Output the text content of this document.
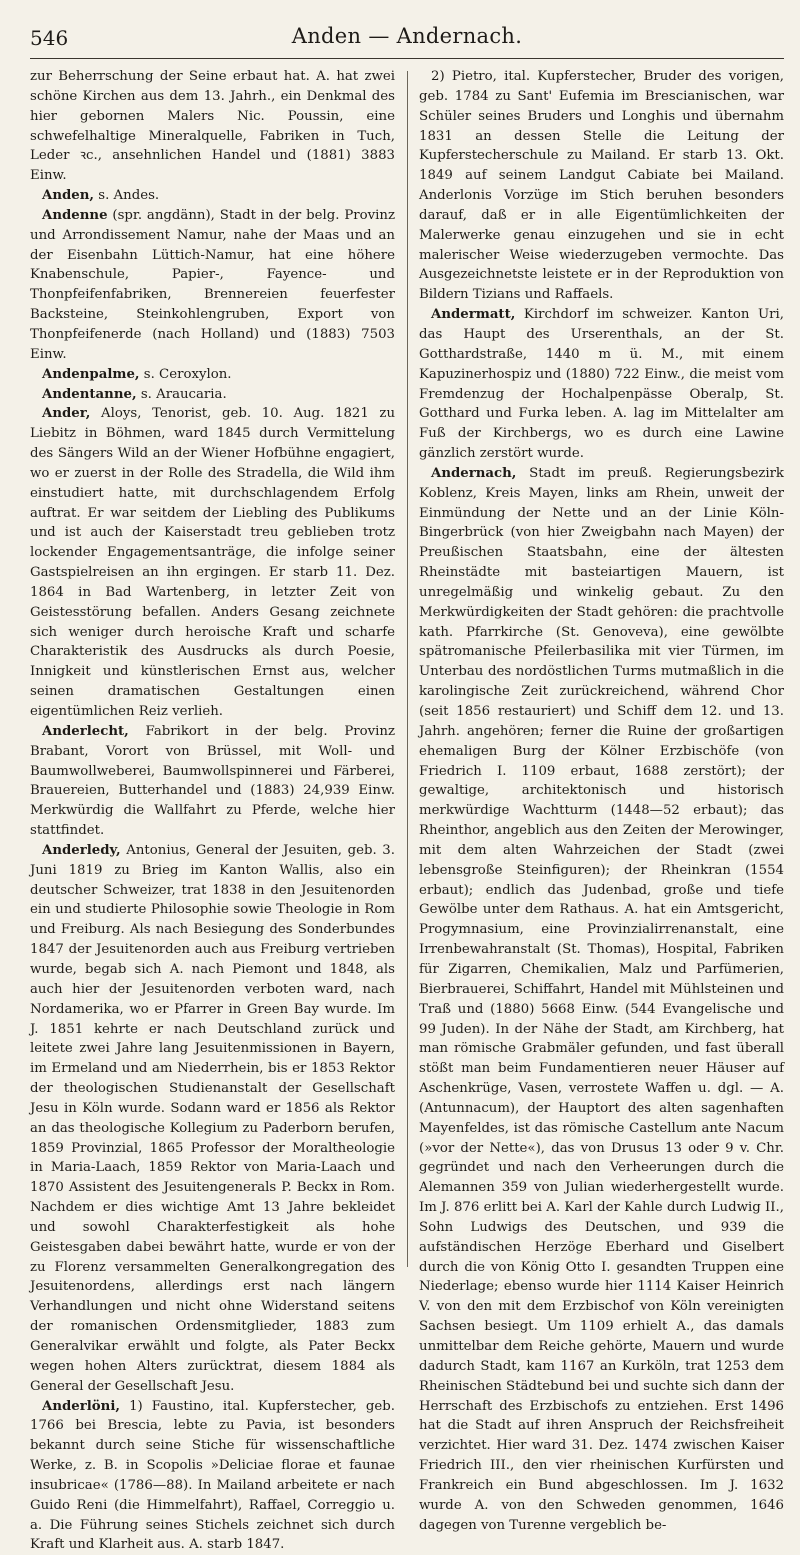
546	Anden — Andernach.

zur Beherrschung der Seine erbaut hat. A. hat zwei schöne Kirchen aus dem 13. Jahrh., ein Denkmal des hier gebornen Malers Nic. Poussin, eine schwefelhaltige Mineralquelle, Fabriken in Tuch, Leder ꝛc., ansehnlichen Handel und (1881) 3883 Einw.

Anden, s. Andes.

Andenne (spr. angdänn), Stadt in der belg. Provinz und Arrondissement Namur, nahe der Maas und an der Eisenbahn Lüttich-Namur, hat eine höhere Knabenschule, Papier-, Fayence- und Thonpfeifenfabriken, Brennereien feuerfester Backsteine, Steinkohlengruben, Export von Thonpfeifenerde (nach Holland) und (1883) 7503 Einw.

Andenpalme, s. Ceroxylon.

Andentanne, s. Araucaria.

Ander, Aloys, Tenorist, geb. 10. Aug. 1821 zu Liebitz in Böhmen, ward 1845 durch Vermittelung des Sängers Wild an der Wiener Hofbühne engagiert, wo er zuerst in der Rolle des Stradella, die Wild ihm einstudiert hatte, mit durchschlagendem Erfolg auftrat. Er war seitdem der Liebling des Publikums und ist auch der Kaiserstadt treu geblieben trotz lockender Engagementsanträge, die infolge seiner Gastspielreisen an ihn ergingen. Er starb 11. Dez. 1864 in Bad Wartenberg, in letzter Zeit von Geistesstörung befallen. Anders Gesang zeichnete sich weniger durch heroische Kraft und scharfe Charakteristik des Ausdrucks als durch Poesie, Innigkeit und künstlerischen Ernst aus, welcher seinen dramatischen Gestaltungen einen eigentümlichen Reiz verlieh.

Anderlecht, Fabrikort in der belg. Provinz Brabant, Vorort von Brüssel, mit Woll- und Baumwollweberei, Baumwollspinnerei und Färberei, Brauereien, Butterhandel und (1883) 24,939 Einw. Merkwürdig die Wallfahrt zu Pferde, welche hier stattfindet.

Anderledy, Antonius, General der Jesuiten, geb. 3. Juni 1819 zu Brieg im Kanton Wallis, also ein deutscher Schweizer, trat 1838 in den Jesuitenorden ein und studierte Philosophie sowie Theologie in Rom und Freiburg. Als nach Besiegung des Sonderbundes 1847 der Jesuitenorden auch aus Freiburg vertrieben wurde, begab sich A. nach Piemont und 1848, als auch hier der Jesuitenorden verboten ward, nach Nordamerika, wo er Pfarrer in Green Bay wurde. Im J. 1851 kehrte er nach Deutschland zurück und leitete zwei Jahre lang Jesuitenmissionen in Bayern, im Ermeland und am Niederrhein, bis er 1853 Rektor der theologischen Studienanstalt der Gesellschaft Jesu in Köln wurde. Sodann ward er 1856 als Rektor an das theologische Kollegium zu Paderborn berufen, 1859 Provinzial, 1865 Professor der Moraltheologie in Maria-Laach, 1859 Rektor von Maria-Laach und 1870 Assistent des Jesuitengenerals P. Beckx in Rom. Nachdem er dies wichtige Amt 13 Jahre bekleidet und sowohl Charakterfestigkeit als hohe Geistesgaben dabei bewährt hatte, wurde er von der zu Florenz versammelten Generalkongregation des Jesuitenordens, allerdings erst nach längern Verhandlungen und nicht ohne Widerstand seitens der romanischen Ordensmitglieder, 1883 zum Generalvikar erwählt und folgte, als Pater Beckx wegen hohen Alters zurücktrat, diesem 1884 als General der Gesellschaft Jesu.

Anderlöni, 1) Faustino, ital. Kupferstecher, geb. 1766 bei Brescia, lebte zu Pavia, ist besonders bekannt durch seine Stiche für wissenschaftliche Werke, z. B. in Scopolis »Deliciae florae et faunae insubricae« (1786—88). In Mailand arbeitete er nach Guido Reni (die Himmelfahrt), Raffael, Correggio u. a. Die Führung seines Stichels zeichnet sich durch Kraft und Klarheit aus. A. starb 1847.

2) Pietro, ital. Kupferstecher, Bruder des vorigen, geb. 1784 zu Sant' Eufemia im Brescianischen, war Schüler seines Bruders und Longhis und übernahm 1831 an dessen Stelle die Leitung der Kupferstecherschule zu Mailand. Er starb 13. Okt. 1849 auf seinem Landgut Cabiate bei Mailand. Anderlonis Vorzüge im Stich beruhen besonders darauf, daß er in alle Eigentümlichkeiten der Malerwerke genau einzugehen und sie in echt malerischer Weise wiederzugeben vermochte. Das Ausgezeichnetste leistete er in der Reproduktion von Bildern Tizians und Raffaels.

Andermatt, Kirchdorf im schweizer. Kanton Uri, das Haupt des Urserenthals, an der St. Gotthardstraße, 1440 m ü. M., mit einem Kapuzinerhospiz und (1880) 722 Einw., die meist vom Fremdenzug der Hochalpenpässe Oberalp, St. Gotthard und Furka leben. A. lag im Mittelalter am Fuß der Kirchbergs, wo es durch eine Lawine gänzlich zerstört wurde.

Andernach, Stadt im preuß. Regierungsbezirk Koblenz, Kreis Mayen, links am Rhein, unweit der Einmündung der Nette und an der Linie Köln-Bingerbrück (von hier Zweigbahn nach Mayen) der Preußischen Staatsbahn, eine der ältesten Rheinstädte mit basteiartigen Mauern, ist unregelmäßig und winkelig gebaut. Zu den Merkwürdigkeiten der Stadt gehören: die prachtvolle kath. Pfarrkirche (St. Genoveva), eine gewölbte spätromanische Pfeilerbasilika mit vier Türmen, im Unterbau des nordöstlichen Turms mutmaßlich in die karolingische Zeit zurückreichend, während Chor (seit 1856 restauriert) und Schiff dem 12. und 13. Jahrh. angehören; ferner die Ruine der großartigen ehemaligen Burg der Kölner Erzbischöfe (von Friedrich I. 1109 erbaut, 1688 zerstört); der gewaltige, architektonisch und historisch merkwürdige Wachtturm (1448—52 erbaut); das Rheinthor, angeblich aus den Zeiten der Merowinger, mit dem alten Wahrzeichen der Stadt (zwei lebensgroße Steinfiguren); der Rheinkran (1554 erbaut); endlich das Judenbad, große und tiefe Gewölbe unter dem Rathaus. A. hat ein Amtsgericht, Progymnasium, eine Provinzialirrenanstalt, eine Irrenbewahranstalt (St. Thomas), Hospital, Fabriken für Zigarren, Chemikalien, Malz und Parfümerien, Bierbrauerei, Schiffahrt, Handel mit Mühlsteinen und Traß und (1880) 5668 Einw. (544 Evangelische und 99 Juden). In der Nähe der Stadt, am Kirchberg, hat man römische Grabmäler gefunden, und fast überall stößt man beim Fundamentieren neuer Häuser auf Aschenkrüge, Vasen, verrostete Waffen u. dgl. — A. (Antunnacum), der Hauptort des alten sagenhaften Mayenfeldes, ist das römische Castellum ante Nacum (»vor der Nette«), das von Drusus 13 oder 9 v. Chr. gegründet und nach den Verheerungen durch die Alemannen 359 von Julian wiederhergestellt wurde. Im J. 876 erlitt bei A. Karl der Kahle durch Ludwig II., Sohn Ludwigs des Deutschen, und 939 die aufständischen Herzöge Eberhard und Giselbert durch die von König Otto I. gesandten Truppen eine Niederlage; ebenso wurde hier 1114 Kaiser Heinrich V. von den mit dem Erzbischof von Köln vereinigten Sachsen besiegt. Um 1109 erhielt A., das damals unmittelbar dem Reiche gehörte, Mauern und wurde dadurch Stadt, kam 1167 an Kurköln, trat 1253 dem Rheinischen Städtebund bei und suchte sich dann der Herrschaft des Erzbischofs zu entziehen. Erst 1496 hat die Stadt auf ihren Anspruch der Reichsfreiheit verzichtet. Hier ward 31. Dez. 1474 zwischen Kaiser Friedrich III., den vier rheinischen Kurfürsten und Frankreich ein Bund abgeschlossen. Im J. 1632 wurde A. von den Schweden genommen, 1646 dagegen von Turenne vergeblich be-
